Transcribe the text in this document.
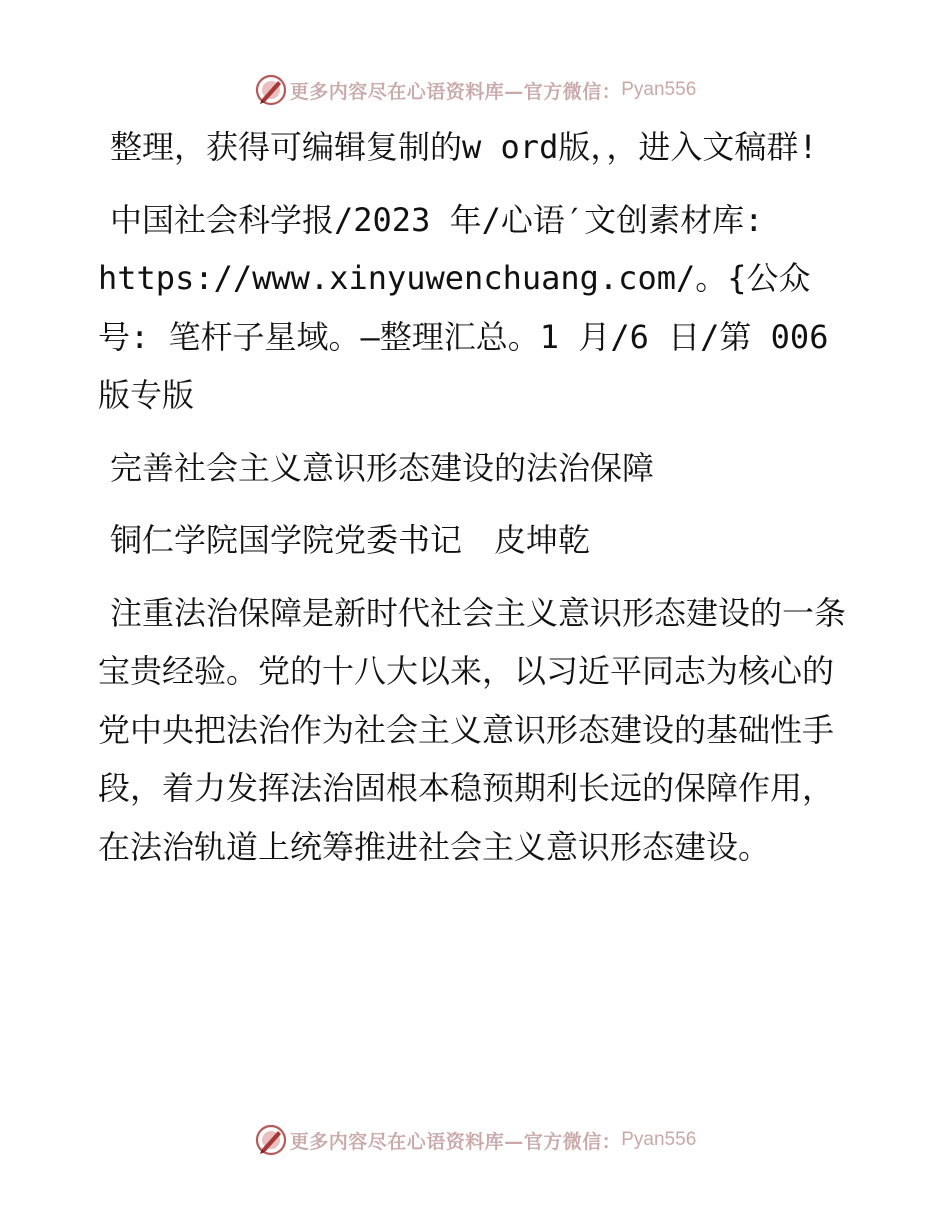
更多内容尽在心语资料库—官方微信： Pyan556

整理，获得可编辑复制的w ord版，，进入文稿群!

中国社会科学报/2023 年/心语′文创素材库: https://www.xinyuwenchuang.com/。{公众号: 笔杆子星域。—整理汇总。1 月/6 日/第 006 版专版

完善社会主义意识形态建设的法治保障

铜仁学院国学院党委书记　皮坤乾

注重法治保障是新时代社会主义意识形态建设的一条宝贵经验。党的十八大以来，以习近平同志为核心的党中央把法治作为社会主义意识形态建设的基础性手段，着力发挥法治固根本稳预期利长远的保障作用，在法治轨道上统筹推进社会主义意识形态建设。

更多内容尽在心语资料库—官方微信： Pyan556
